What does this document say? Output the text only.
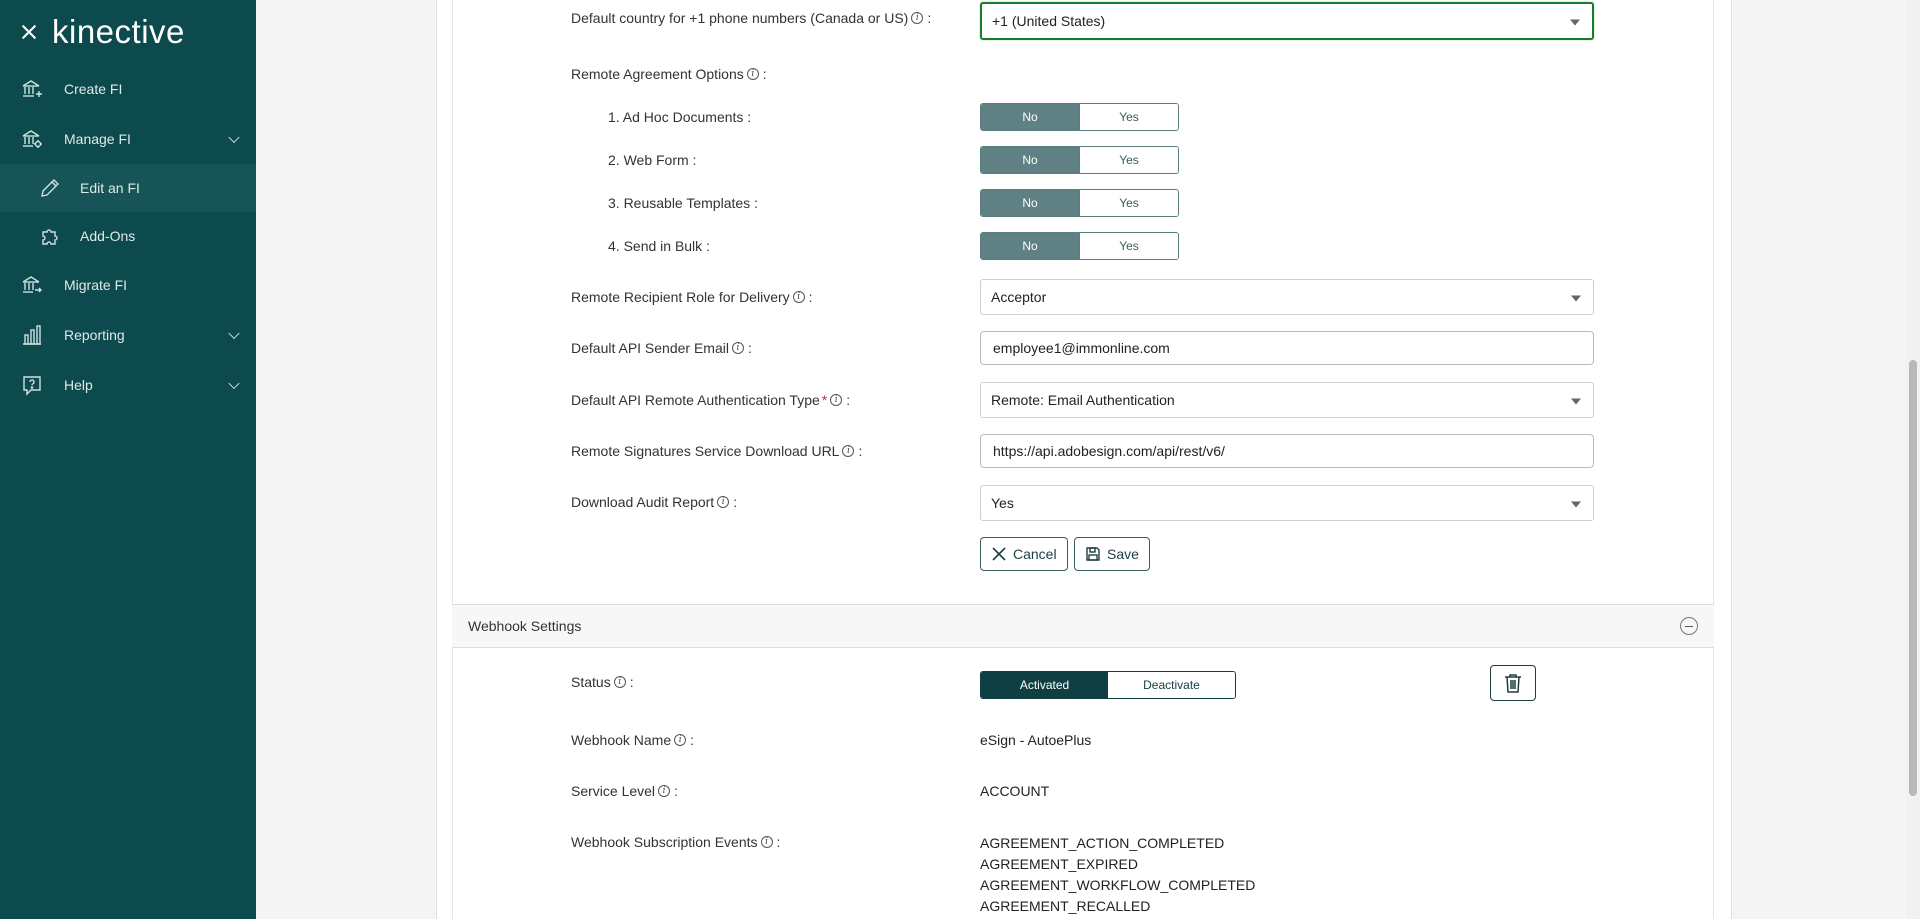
kinective
Create FI
Manage FI
Edit an FI
Add-Ons
Migrate FI
Reporting
Help
Default country for +1 phone numbers (Canada or US) i :	+1 (United States)
Remote Agreement Options i :
1. Ad Hoc Documents :	No	Yes
2. Web Form :	No	Yes
3. Reusable Templates :	No	Yes
4. Send in Bulk :	No	Yes
Remote Recipient Role for Delivery i :	Acceptor
Default API Sender Email i :	employee1@immonline.com
Default API Remote Authentication Type * i :	Remote: Email Authentication
Remote Signatures Service Download URL i :	https://api.adobesign.com/api/rest/v6/
Download Audit Report i :	Yes
Cancel	Save
Webhook Settings
Status i :	Activated	Deactivate
Webhook Name i :	eSign - AutoePlus
Service Level i :	ACCOUNT
Webhook Subscription Events i :	AGREEMENT_ACTION_COMPLETED
AGREEMENT_EXPIRED
AGREEMENT_WORKFLOW_COMPLETED
AGREEMENT_RECALLED
